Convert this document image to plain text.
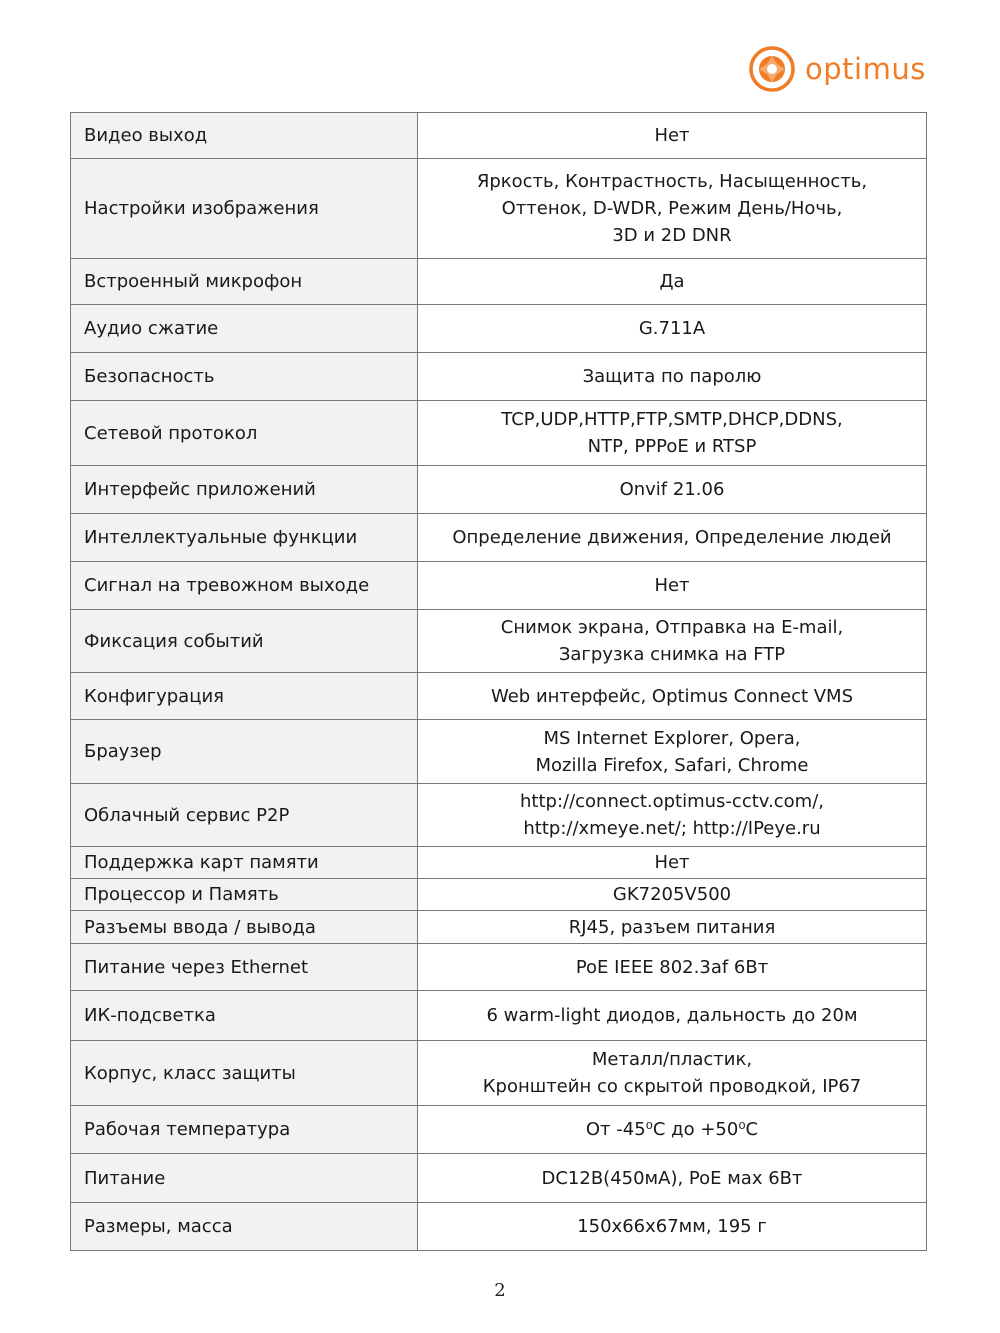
optimus
Видео выход	Нет

Настройки изображения	Яркость, Контрастность, Насыщенность,
Оттенок, D-WDR, Режим День/Ночь,
3D и 2D DNR

Встроенный микрофон	Да

Аудио сжатие	G.711A

Безопасность	Защита по паролю

Сетевой протокол	TCP,UDP,HTTP,FTP,SMTP,DHCP,DDNS,
NTP, PPPoE и RTSP

Интерфейс приложений	Onvif 21.06

Интеллектуальные функции	Определение движения, Определение людей

Сигнал на тревожном выходе	Нет

Фиксация событий	Снимок экрана, Отправка на E-mail,
Загрузка снимка на FTP

Конфигурация	Web интерфейс, Optimus Connect VMS

Браузер	MS Internet Explorer, Opera,
Mozilla Firefox, Safari, Chrome

Облачный сервис P2P	http://connect.optimus-cctv.com/,
http://xmeye.net/; http://IPeye.ru

Поддержка карт памяти	Нет

Процессор и Память	GK7205V500

Разъемы ввода / вывода	RJ45, разъем питания

Питание через Ethernet	PoE IEEE 802.3af 6Вт

ИК-подсветка	6 warm-light диодов, дальность до 20м

Корпус, класс защиты	Металл/пластик,
Кронштейн со скрытой проводкой, IP67

Рабочая температура	От -45⁰С до +50⁰С

Питание	DC12В(450мА), PoE мах 6Вт

Размеры, масса	150x66x67мм, 195 г
2
